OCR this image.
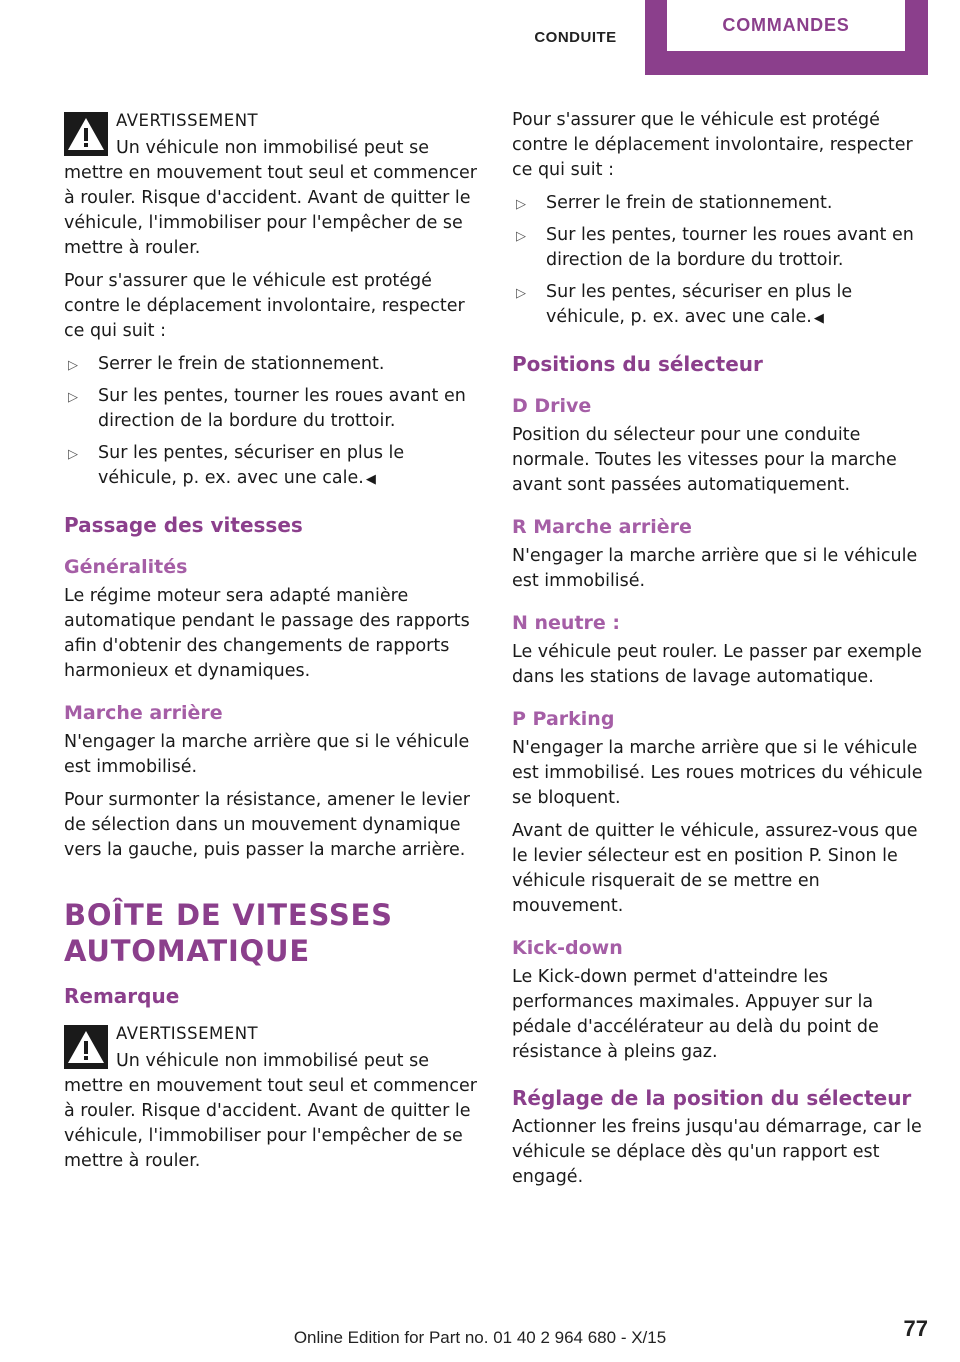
CONDUITE
COMMANDES
AVERTISSEMENT
Un véhicule non immobilisé peut se mettre en mouvement tout seul et commencer à rouler. Risque d'accident. Avant de quitter le véhicule, l'immobiliser pour l'empêcher de se mettre à rouler.

Pour s'assurer que le véhicule est protégé contre le déplacement involontaire, respecter ce qui suit :

▷ Serrer le frein de stationnement.
▷ Sur les pentes, tourner les roues avant en direction de la bordure du trottoir.
▷ Sur les pentes, sécuriser en plus le véhicule, p. ex. avec une cale. ◀
Passage des vitesses
Généralités

Le régime moteur sera adapté manière automatique pendant le passage des rapports afin d'obtenir des changements de rapports harmonieux et dynamiques.

Marche arrière

N'engager la marche arrière que si le véhicule est immobilisé.

Pour surmonter la résistance, amener le levier de sélection dans un mouvement dynamique vers la gauche, puis passer la marche arrière.

BOÎTE DE VITESSES AUTOMATIQUE
Remarque
AVERTISSEMENT
Un véhicule non immobilisé peut se mettre en mouvement tout seul et commencer à rouler. Risque d'accident. Avant de quitter le véhicule, l'immobiliser pour l'empêcher de se mettre à rouler.

Pour s'assurer que le véhicule est protégé contre le déplacement involontaire, respecter ce qui suit :

▷ Serrer le frein de stationnement.
▷ Sur les pentes, tourner les roues avant en direction de la bordure du trottoir.
▷ Sur les pentes, sécuriser en plus le véhicule, p. ex. avec une cale. ◀
Positions du sélecteur
D Drive

Position du sélecteur pour une conduite normale. Toutes les vitesses pour la marche avant sont passées automatiquement.

R Marche arrière

N'engager la marche arrière que si le véhicule est immobilisé.

N neutre :

Le véhicule peut rouler. Le passer par exemple dans les stations de lavage automatique.

P Parking

N'engager la marche arrière que si le véhicule est immobilisé. Les roues motrices du véhicule se bloquent.

Avant de quitter le véhicule, assurez-vous que le levier sélecteur est en position P. Sinon le véhicule risquerait de se mettre en mouvement.

Kick-down

Le Kick-down permet d'atteindre les performances maximales. Appuyer sur la pédale d'accélérateur au delà du point de résistance à pleins gaz.

Réglage de la position du sélecteur

Actionner les freins jusqu'au démarrage, car le véhicule se déplace dès qu'un rapport est engagé.

Online Edition for Part no. 01 40 2 964 680 - X/15	77
